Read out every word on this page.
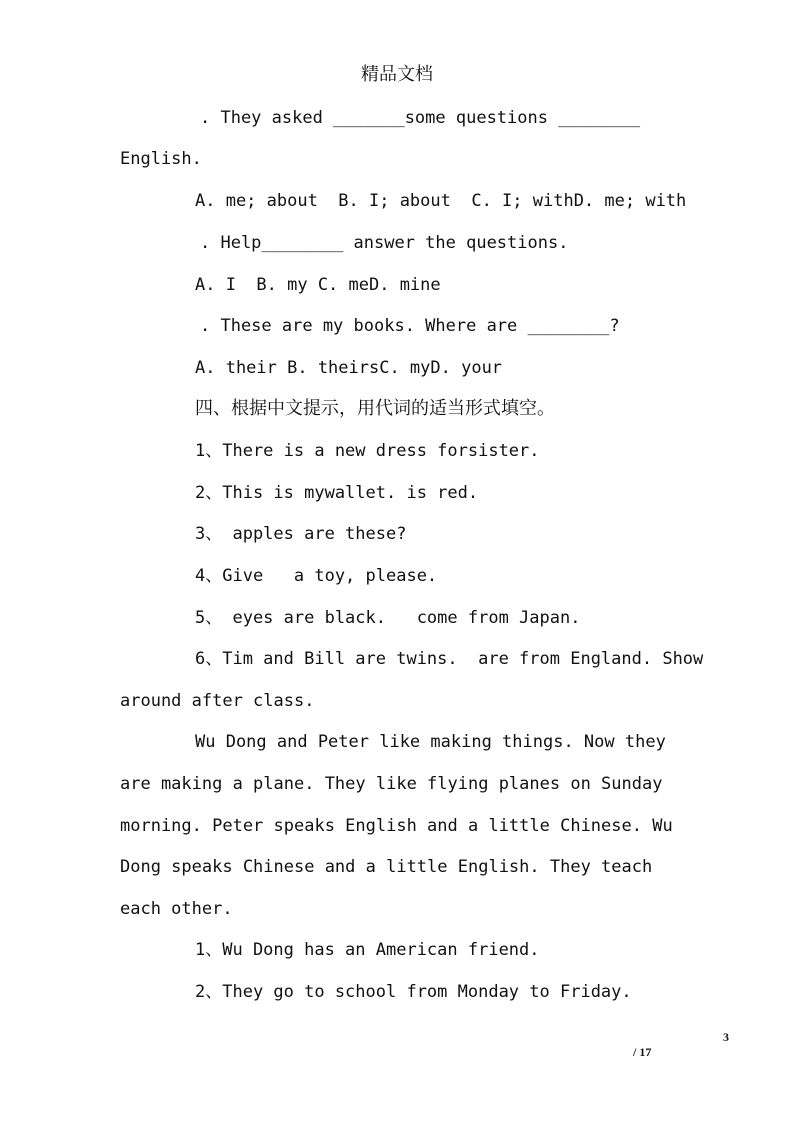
精品文档
. They asked _______some questions ________
English.
A. me; about  B. I; about  C. I; withD. me; with
. Help________ answer the questions.
A. I  B. my C. meD. mine
. These are my books. Where are ________?
A. their B. theirsC. myD. your
四、根据中文提示，用代词的适当形式填空。
1、There is a new dress forsister.
2、This is mywallet. is red.
3、 apples are these?
4、Give   a toy, please.
5、 eyes are black.   come from Japan.
6、Tim and Bill are twins.  are from England. Show
around after class.
Wu Dong and Peter like making things. Now they
are making a plane. They like flying planes on Sunday
morning. Peter speaks English and a little Chinese. Wu
Dong speaks Chinese and a little English. They teach
each other.
1、Wu Dong has an American friend.
2、They go to school from Monday to Friday.
3
/ 17
